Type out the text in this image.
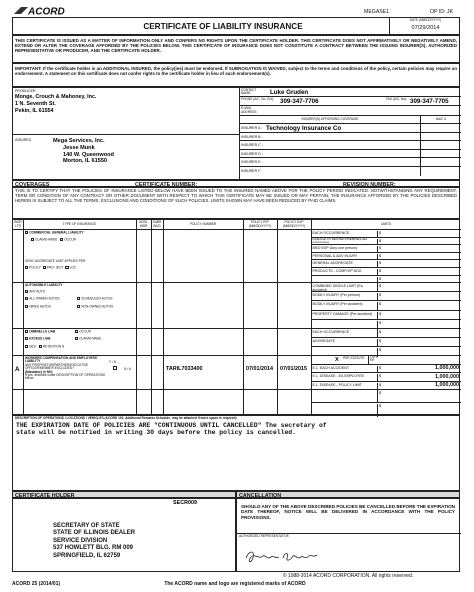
ACORD	MEGASE1	OP ID: JK
CERTIFICATE OF LIABILITY INSURANCE
DATE (MM/DD/YYYY)
07/29/2014
THIS CERTIFICATE IS ISSUED AS A MATTER OF INFORMATION ONLY AND CONFERS NO RIGHTS UPON THE CERTIFICATE HOLDER. THIS CERTIFICATE DOES NOT AFFIRMATIVELY OR NEGATIVELY AMEND, EXTEND OR ALTER THE COVERAGE AFFORDED BY THE POLICIES BELOW. THIS CERTIFICATE OF INSURANCE DOES NOT CONSTITUTE A CONTRACT BETWEEN THE ISSUING INSURER(S), AUTHORIZED REPRESENTATIVE OR PRODUCER, AND THE CERTIFICATE HOLDER.
IMPORTANT: If the certificate holder is an ADDITIONAL INSURED, the policy(ies) must be endorsed. If SUBROGATION IS WAIVED, subject to the terms and conditions of the policy, certain policies may require an endorsement. A statement on this certificate does not confer rights to the certificate holder in lieu of such endorsement(s).
PRODUCER
Monge, Crouch & Mahoney, Inc.
1 N. Seventh St.
Pekin, IL 61554
CONTACT NAME:	Luke Gruden
PHONE (A/C, No, Ext):	309-347-7706	FAX (A/C, No): 309-347-7705
E-MAIL ADDRESS:
INSURER(S) AFFORDING COVERAGE	NAIC #
INSURER A : Technology Insurance Co
INSURER B :
INSURER C :
INSURER D :
INSURER E :
INSURER F :
INSURED	Mega Services, Inc.
Jesse Munk
140 W. Queenwood
Morton, IL 61550
COVERAGES	CERTIFICATE NUMBER:	REVISION NUMBER:
THIS IS TO CERTIFY THAT THE POLICIES OF INSURANCE LISTED BELOW HAVE BEEN ISSUED TO THE INSURED NAMED ABOVE FOR THE POLICY PERIOD INDICATED. NOTWITHSTANDING ANY REQUIREMENT, TERM OR CONDITION OF ANY CONTRACT OR OTHER DOCUMENT WITH RESPECT TO WHICH THIS CERTIFICATE MAY BE ISSUED OR MAY PERTAIN, THE INSURANCE AFFORDED BY THE POLICIES DESCRIBED HEREIN IS SUBJECT TO ALL THE TERMS, EXCLUSIONS AND CONDITIONS OF SUCH POLICIES. LIMITS SHOWN MAY HAVE BEEN REDUCED BY PAID CLAIMS.
INSR LTR	TYPE OF INSURANCE	ADDL INSR
SUBR WVD	POLICY NUMBER	POLICY EFF (MM/DD/YYYY)
POLICY EXP (MM/DD/YYYY)	LIMITS
COMMERCIAL GENERAL LIABILITY
CLAIMS-MADE OCCUR
GEN'L AGGREGATE LIMIT APPLIES PER:
POLICY PRO- JECT LOC
EACH OCCURRENCE	$
DAMAGE TO RENTED PREMISES (Ea occurrence)	$
MED EXP (Any one person)	$
PERSONAL & ADV INJURY	$
GENERAL AGGREGATE	$
PRODUCTS - COMP/OP AGG	$
$
AUTOMOBILE LIABILITY
ANY AUTO
ALL OWNED AUTOS	SCHEDULED AUTOS
HIRED AUTOS	NON-OWNED AUTOS
COMBINED SINGLE LIMIT (Ea accident)
$
BODILY INJURY (Per person)	$
BODILY INJURY (Per accident)	$
PROPERTY DAMAGE (Per accident)	$
$
UMBRELLA LIAB	OCCUR
EXCESS LIAB	CLAIMS-MADE
DED RETENTION $
EACH OCCURRENCE	$
AGGREGATE	$
$
A
WORKERS COMPENSATION AND EMPLOYERS' LIABILITY
ANY PROPRIETOR/PARTNER/EXECUTIVE OFFICER/MEMBER EXCLUDED?
(Mandatory in NH)
If yes, describe under DESCRIPTION OF OPERATIONS below
Y / N
N / A	TARIL7033400	07/01/2014 07/01/2015
X PER STATUTE	OTH- ER
E.L. EACH ACCIDENT	$	1,000,000
E.L. DISEASE - EA EMPLOYEE	$	1,000,000
E.L. DISEASE - POLICY LIMIT	$	1,000,000
$
$
DESCRIPTION OF OPERATIONS / LOCATIONS / VEHICLES (ACORD 101, Additional Remarks Schedule, may be attached if more space is required)
THE EXPIRATION DATE OF POLICIES ARE "CONTINUOUS UNTIL CANCELLED" The secretary of state will be notified in writing 30 days before the policy is cancelled.
CERTIFICATE HOLDER	CANCELLATION
SECR009
SECRETARY OF STATE
STATE OF ILLINOIS DEALER
SERVICE DIVISION
537 HOWLETT BLG. RM 009
SPRINGFIELD, IL 62759
SHOULD ANY OF THE ABOVE DESCRIBED POLICIES BE CANCELLED BEFORE THE EXPIRATION DATE THEREOF, NOTICE WILL BE DELIVERED IN ACCORDANCE WITH THE POLICY PROVISIONS.
AUTHORIZED REPRESENTATIVE
© 1988-2014 ACORD CORPORATION. All rights reserved.
ACORD 25 (2014/01)	The ACORD name and logo are registered marks of ACORD
